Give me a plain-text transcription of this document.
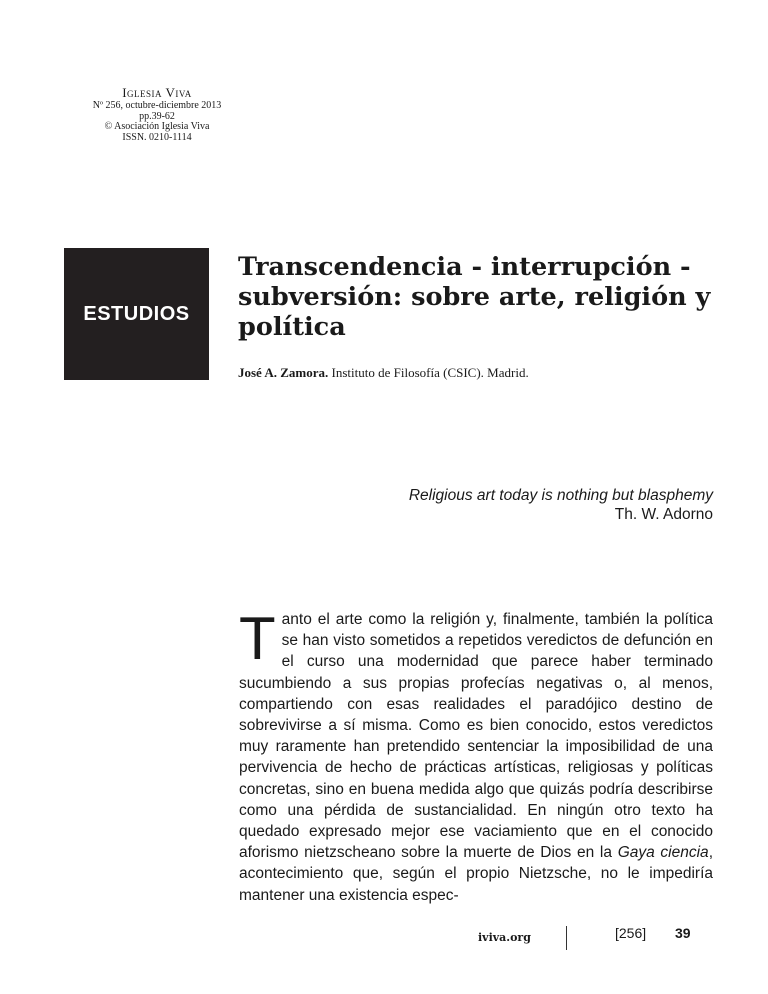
Iglesia Viva
Nº 256, octubre-diciembre 2013
pp.39-62
© Asociación Iglesia Viva
ISSN. 0210-1114
ESTUDIOS
Transcendencia - interrupción - subversión: sobre arte, religión y política
José A. Zamora. Instituto de Filosofía (CSIC). Madrid.
Religious art today is nothing but blasphemy
Th. W. Adorno

Tanto el arte como la religión y, finalmente, también la política se han visto sometidos a repetidos veredictos de defunción en el curso una modernidad que parece haber terminado sucumbiendo a sus propias profecías negativas o, al menos, compartiendo con esas realidades el paradójico destino de sobrevivirse a sí misma. Como es bien conocido, estos veredictos muy raramente han pretendido sentenciar la imposibilidad de una pervivencia de hecho de prácticas artísticas, religiosas y políticas concretas, sino en buena medida algo que quizás podría describirse como una pérdida de sustancialidad. En ningún otro texto ha quedado expresado mejor ese vaciamiento que en el conocido aforismo nietzscheano sobre la muerte de Dios en la Gaya ciencia, acontecimiento que, según el propio Nietzsche, no le impediría mantener una existencia espec-

iviva.org	[256] 39
